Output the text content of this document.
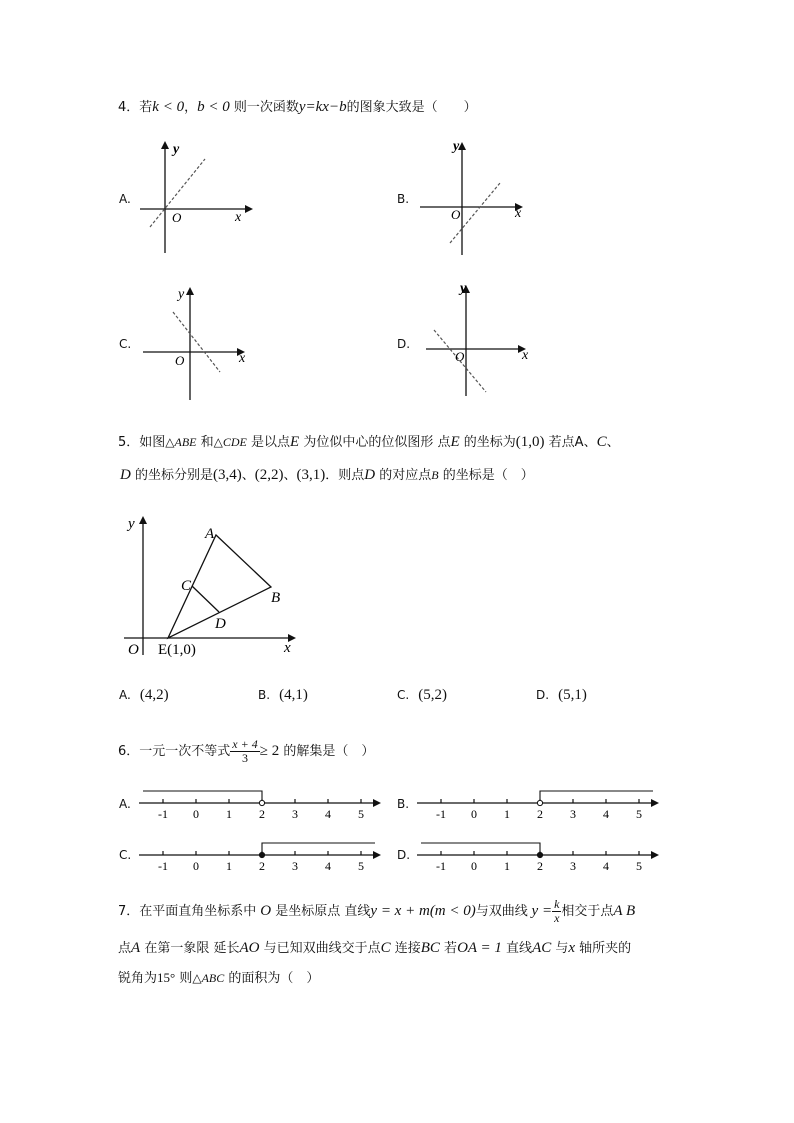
4．若k < 0，b < 0 则一次函数y=kx−b的图象大致是（　　）
A.
x
y
O
B.
x
y
O
C.
x
y
O
D.
x
y
O
5．如图△ABE 和△CDE 是以点E 为位似中心的位似图形 点E 的坐标为(1,0) 若点A、C、
D 的坐标分别是(3,4)、(2,2)、(3,1)．则点D 的对应点B 的坐标是（　）
y
x
O
A
B
C
D
E(1,0)
A. (4,2)	B. (4,1)	C. (5,2)	D. (5,1)
6．一元一次不等式 $\frac{x + 4}{3} \ge 2$ 的解集是（　）
A.
-1 0 1 2 3 4 5
B.
-1 0 1 2 3 4 5
C.
-1 0 1 2 3 4 5
D.
-1 0 1 2 3 4 5
7．在平面直角坐标系中 O 是坐标原点 直线y = x + m(m < 0)与双曲线 $y = \frac{k}{x}$ 相交于点A B
点A 在第一象限 延长AO 与已知双曲线交于点C 连接BC 若OA = 1 直线AC 与x 轴所夹的
锐角为15° 则△ABC 的面积为（　）
